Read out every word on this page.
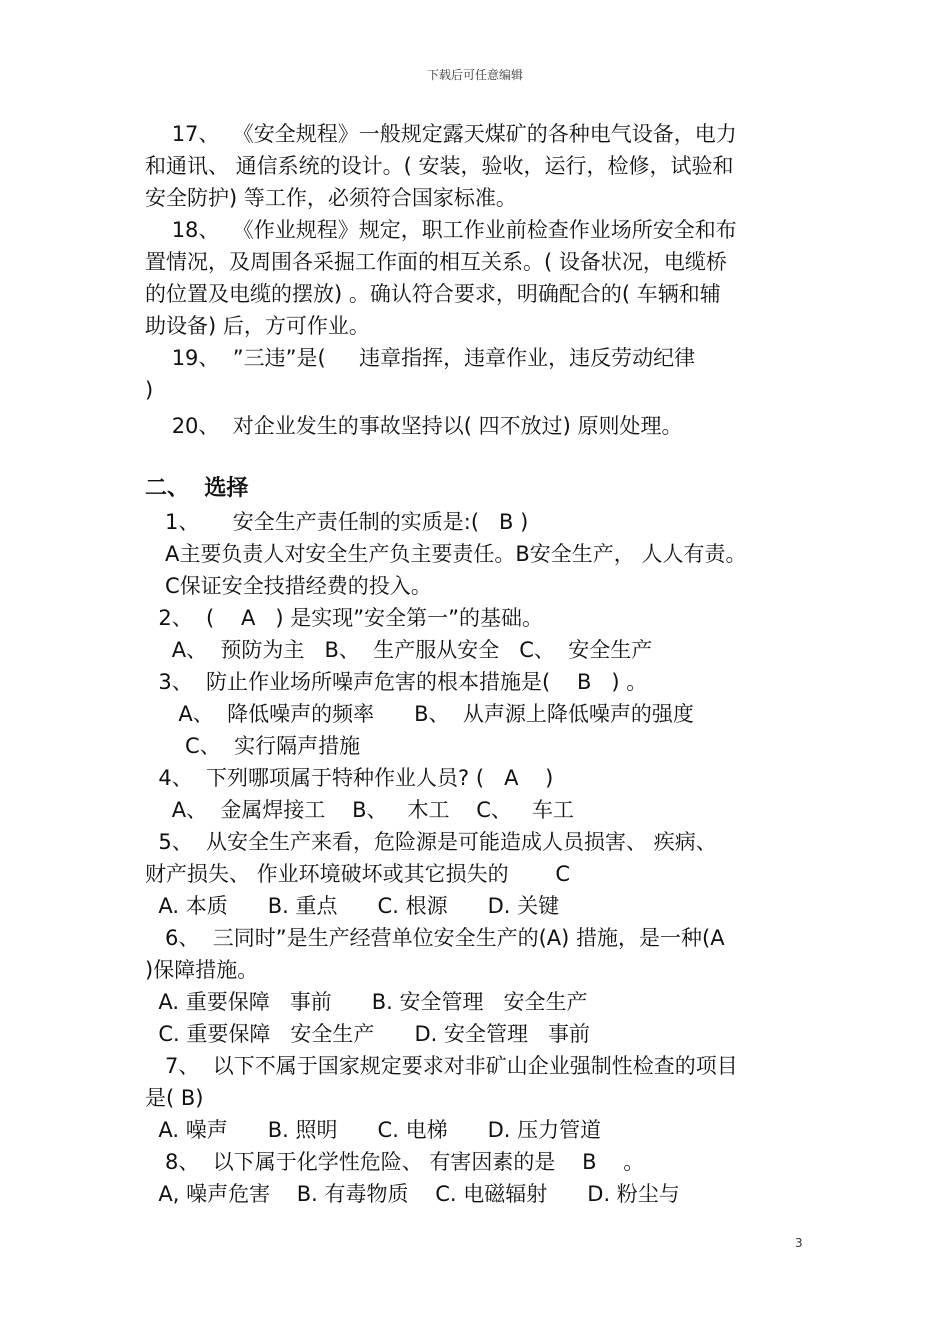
下载后可任意编辑
17、  《安全规程》一般规定露天煤矿的各种电气设备，电力
和通讯、 通信系统的设计。( 安装，验收，运行，检修，试验和
安全防护) 等工作，必须符合国家标准。
18、  《作业规程》规定，职工作业前检查作业场所安全和布
置情况，及周围各采掘工作面的相互关系。( 设备状况，电缆桥
的位置及电缆的摆放) 。确认符合要求，明确配合的( 车辆和辅
助设备) 后，方可作业。
19、  ”三违”是(     违章指挥，违章作业，违反劳动纪律
)
20、  对企业发生的事故坚持以( 四不放过) 原则处理。
二、  选择
1、     安全生产责任制的实质是:(   B )
A主要负责人对安全生产负主要责任。B安全生产， 人人有责。
C保证安全技措经费的投入。
2、  (    A   ) 是实现”安全第一”的基础。
A、  预防为主   B、  生产服从安全   C、  安全生产
3、  防止作业场所噪声危害的根本措施是(    B   ) 。
A、  降低噪声的频率      B、  从声源上降低噪声的强度
C、  实行隔声措施
4、  下列哪项属于特种作业人员? (   A    )
A、  金属焊接工    B、   木工    C、   车工
5、  从安全生产来看，危险源是可能造成人员损害、 疾病、
财产损失、 作业环境破坏或其它损失的       C
A. 本质      B. 重点      C. 根源      D. 关键
6、  三同时”是生产经营单位安全生产的(A) 措施，是一种(A
)保障措施。
A. 重要保障   事前      B. 安全管理   安全生产
C. 重要保障   安全生产      D. 安全管理   事前
7、  以下不属于国家规定要求对非矿山企业强制性检查的项目
是( B)
A. 噪声      B. 照明      C. 电梯      D. 压力管道
8、  以下属于化学性危险、 有害因素的是    B    。
A, 噪声危害    B. 有毒物质    C. 电磁辐射      D. 粉尘与
3
